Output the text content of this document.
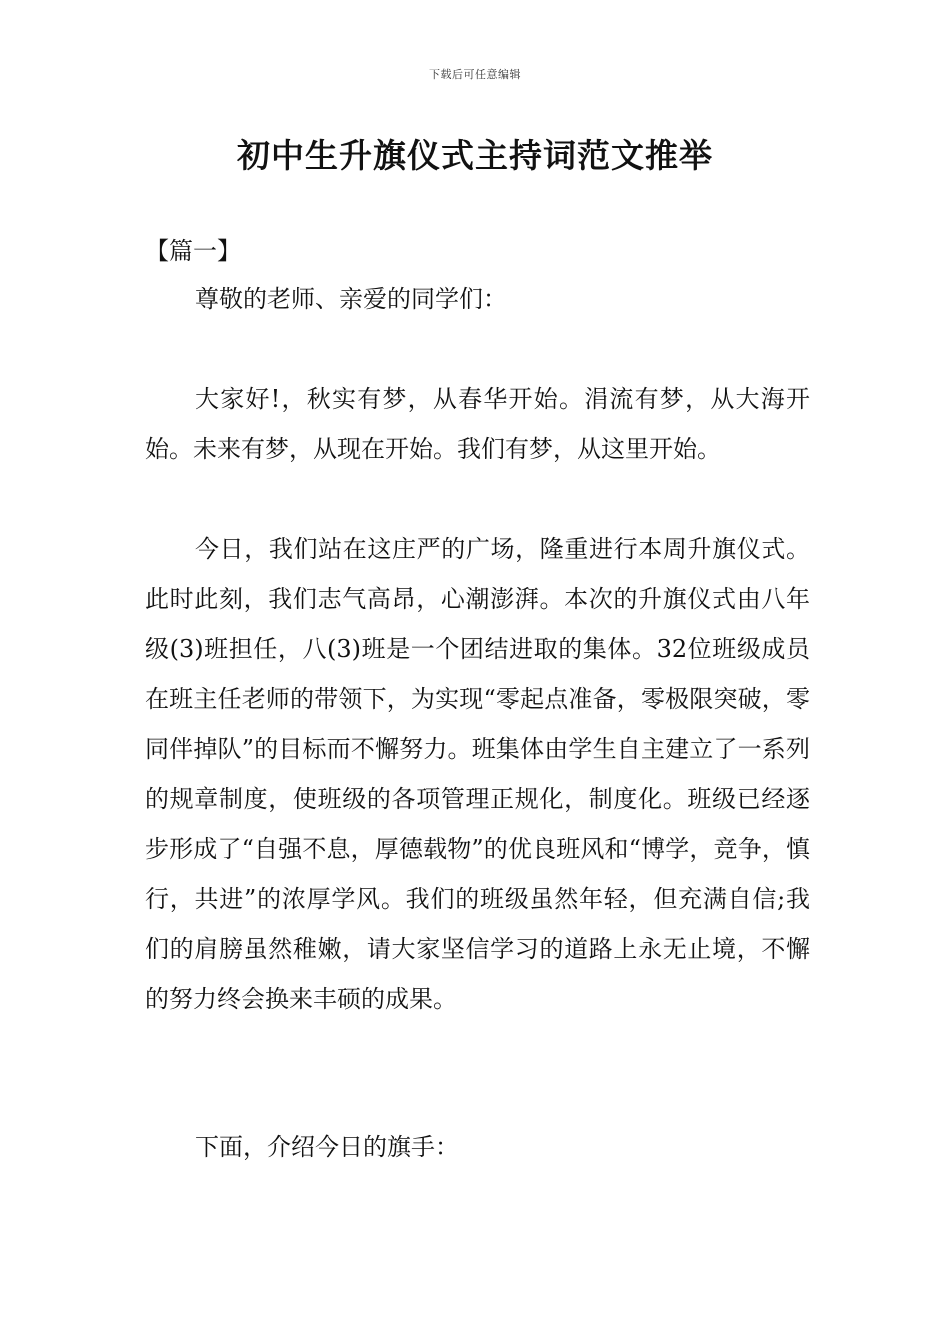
下载后可任意编辑
初中生升旗仪式主持词范文推举

【篇一】

尊敬的老师、亲爱的同学们：

大家好!，秋实有梦，从春华开始。涓流有梦，从大海开始。未来有梦，从现在开始。我们有梦，从这里开始。

今日，我们站在这庄严的广场，隆重进行本周升旗仪式。此时此刻，我们志气高昂，心潮澎湃。本次的升旗仪式由八年级(3)班担任，八(3)班是一个团结进取的集体。32位班级成员在班主任老师的带领下，为实现“零起点准备，零极限突破，零同伴掉队”的目标而不懈努力。班集体由学生自主建立了一系列的规章制度，使班级的各项管理正规化，制度化。班级已经逐步形成了“自强不息，厚德载物”的优良班风和“博学，竞争，慎行，共进”的浓厚学风。我们的班级虽然年轻，但充满自信;我们的肩膀虽然稚嫩，请大家坚信学习的道路上永无止境，不懈的努力终会换来丰硕的成果。

下面，介绍今日的旗手：
